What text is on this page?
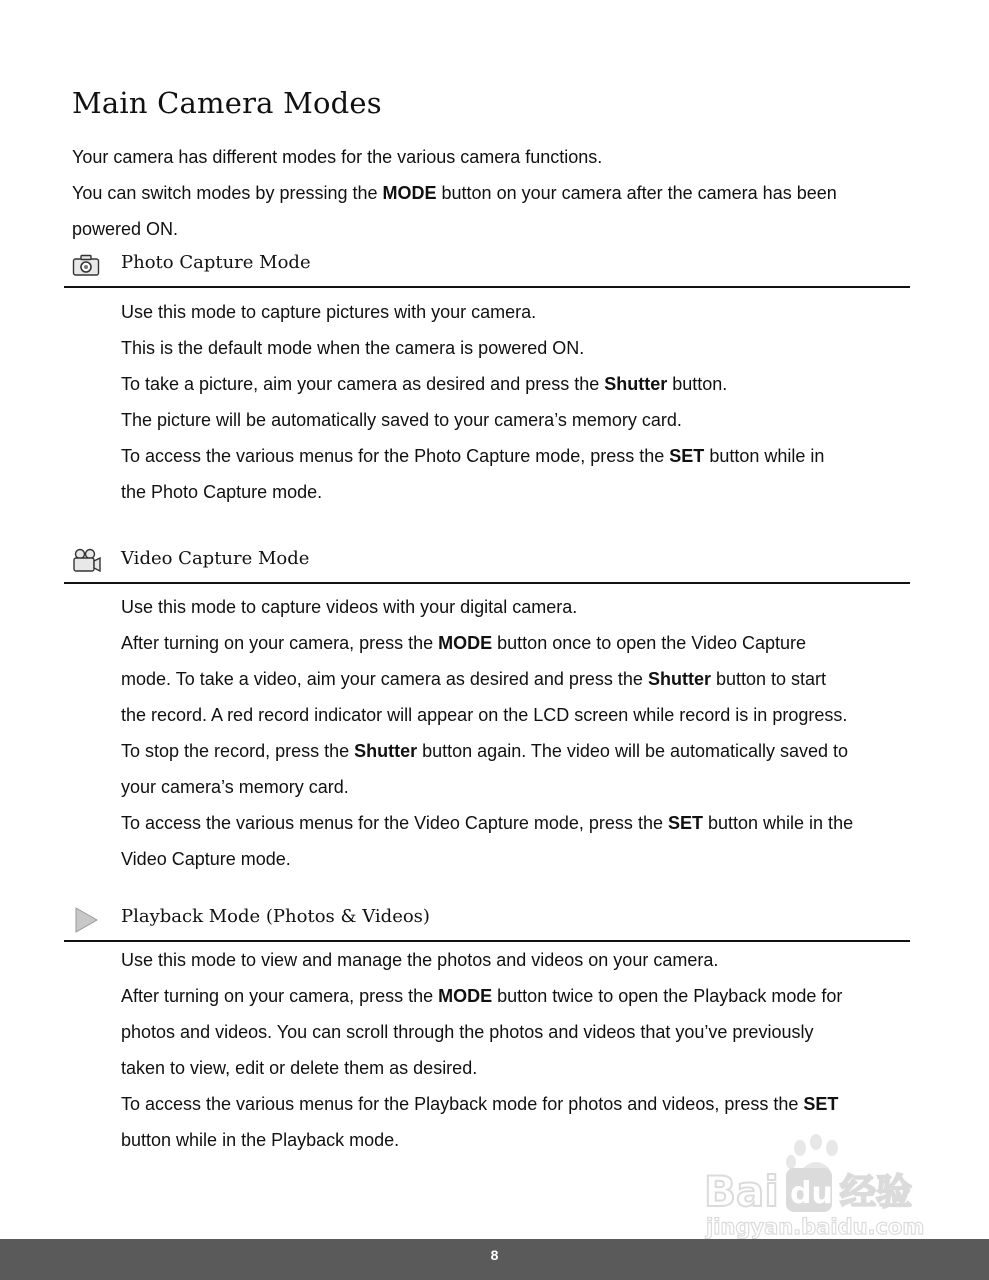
Main Camera Modes
Your camera has different modes for the various camera functions.
You can switch modes by pressing the MODE button on your camera after the camera has been
powered ON.
Photo Capture Mode
Use this mode to capture pictures with your camera.
This is the default mode when the camera is powered ON.
To take a picture, aim your camera as desired and press the Shutter button.
The picture will be automatically saved to your camera’s memory card.
To access the various menus for the Photo Capture mode, press the SET button while in
the Photo Capture mode.
Video Capture Mode
Use this mode to capture videos with your digital camera.
After turning on your camera, press the MODE button once to open the Video Capture
mode. To take a video, aim your camera as desired and press the Shutter button to start
the record. A red record indicator will appear on the LCD screen while record is in progress.
To stop the record, press the Shutter button again. The video will be automatically saved to
your camera’s memory card.
To access the various menus for the Video Capture mode, press the SET button while in the
Video Capture mode.
Playback Mode (Photos & Videos)
Use this mode to view and manage the photos and videos on your camera.
After turning on your camera, press the MODE button twice to open the Playback mode for
photos and videos. You can scroll through the photos and videos that you’ve previously
taken to view, edit or delete them as desired.
To access the various menus for the Playback mode for photos and videos, press the SET
button while in the Playback mode.
Bai du 经验
jingyan.baidu.com
8
